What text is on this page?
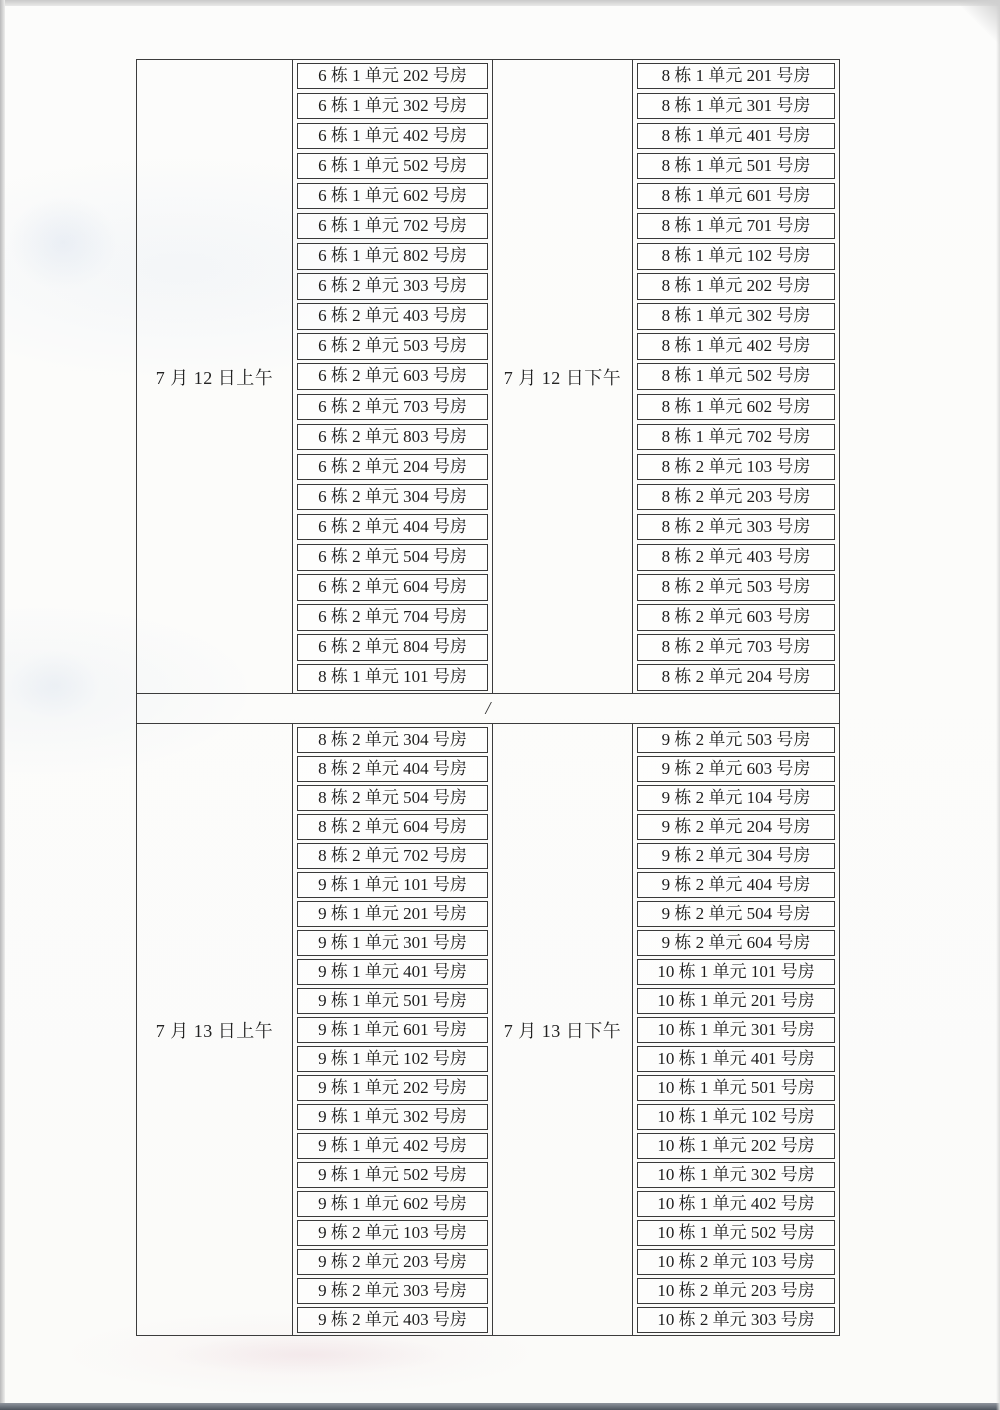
7 月 12 日上午
6 栋 1 单元 202 号房
6 栋 1 单元 302 号房
6 栋 1 单元 402 号房
6 栋 1 单元 502 号房
6 栋 1 单元 602 号房
6 栋 1 单元 702 号房
6 栋 1 单元 802 号房
6 栋 2 单元 303 号房
6 栋 2 单元 403 号房
6 栋 2 单元 503 号房
6 栋 2 单元 603 号房
6 栋 2 单元 703 号房
6 栋 2 单元 803 号房
6 栋 2 单元 204 号房
6 栋 2 单元 304 号房
6 栋 2 单元 404 号房
6 栋 2 单元 504 号房
6 栋 2 单元 604 号房
6 栋 2 单元 704 号房
6 栋 2 单元 804 号房
8 栋 1 单元 101 号房
7 月 12 日下午
8 栋 1 单元 201 号房
8 栋 1 单元 301 号房
8 栋 1 单元 401 号房
8 栋 1 单元 501 号房
8 栋 1 单元 601 号房
8 栋 1 单元 701 号房
8 栋 1 单元 102 号房
8 栋 1 单元 202 号房
8 栋 1 单元 302 号房
8 栋 1 单元 402 号房
8 栋 1 单元 502 号房
8 栋 1 单元 602 号房
8 栋 1 单元 702 号房
8 栋 2 单元 103 号房
8 栋 2 单元 203 号房
8 栋 2 单元 303 号房
8 栋 2 单元 403 号房
8 栋 2 单元 503 号房
8 栋 2 单元 603 号房
8 栋 2 单元 703 号房
8 栋 2 单元 204 号房
/
7 月 13 日上午
8 栋 2 单元 304 号房
8 栋 2 单元 404 号房
8 栋 2 单元 504 号房
8 栋 2 单元 604 号房
8 栋 2 单元 702 号房
9 栋 1 单元 101 号房
9 栋 1 单元 201 号房
9 栋 1 单元 301 号房
9 栋 1 单元 401 号房
9 栋 1 单元 501 号房
9 栋 1 单元 601 号房
9 栋 1 单元 102 号房
9 栋 1 单元 202 号房
9 栋 1 单元 302 号房
9 栋 1 单元 402 号房
9 栋 1 单元 502 号房
9 栋 1 单元 602 号房
9 栋 2 单元 103 号房
9 栋 2 单元 203 号房
9 栋 2 单元 303 号房
9 栋 2 单元 403 号房
7 月 13 日下午
9 栋 2 单元 503 号房
9 栋 2 单元 603 号房
9 栋 2 单元 104 号房
9 栋 2 单元 204 号房
9 栋 2 单元 304 号房
9 栋 2 单元 404 号房
9 栋 2 单元 504 号房
9 栋 2 单元 604 号房
10 栋 1 单元 101 号房
10 栋 1 单元 201 号房
10 栋 1 单元 301 号房
10 栋 1 单元 401 号房
10 栋 1 单元 501 号房
10 栋 1 单元 102 号房
10 栋 1 单元 202 号房
10 栋 1 单元 302 号房
10 栋 1 单元 402 号房
10 栋 1 单元 502 号房
10 栋 2 单元 103 号房
10 栋 2 单元 203 号房
10 栋 2 单元 303 号房
